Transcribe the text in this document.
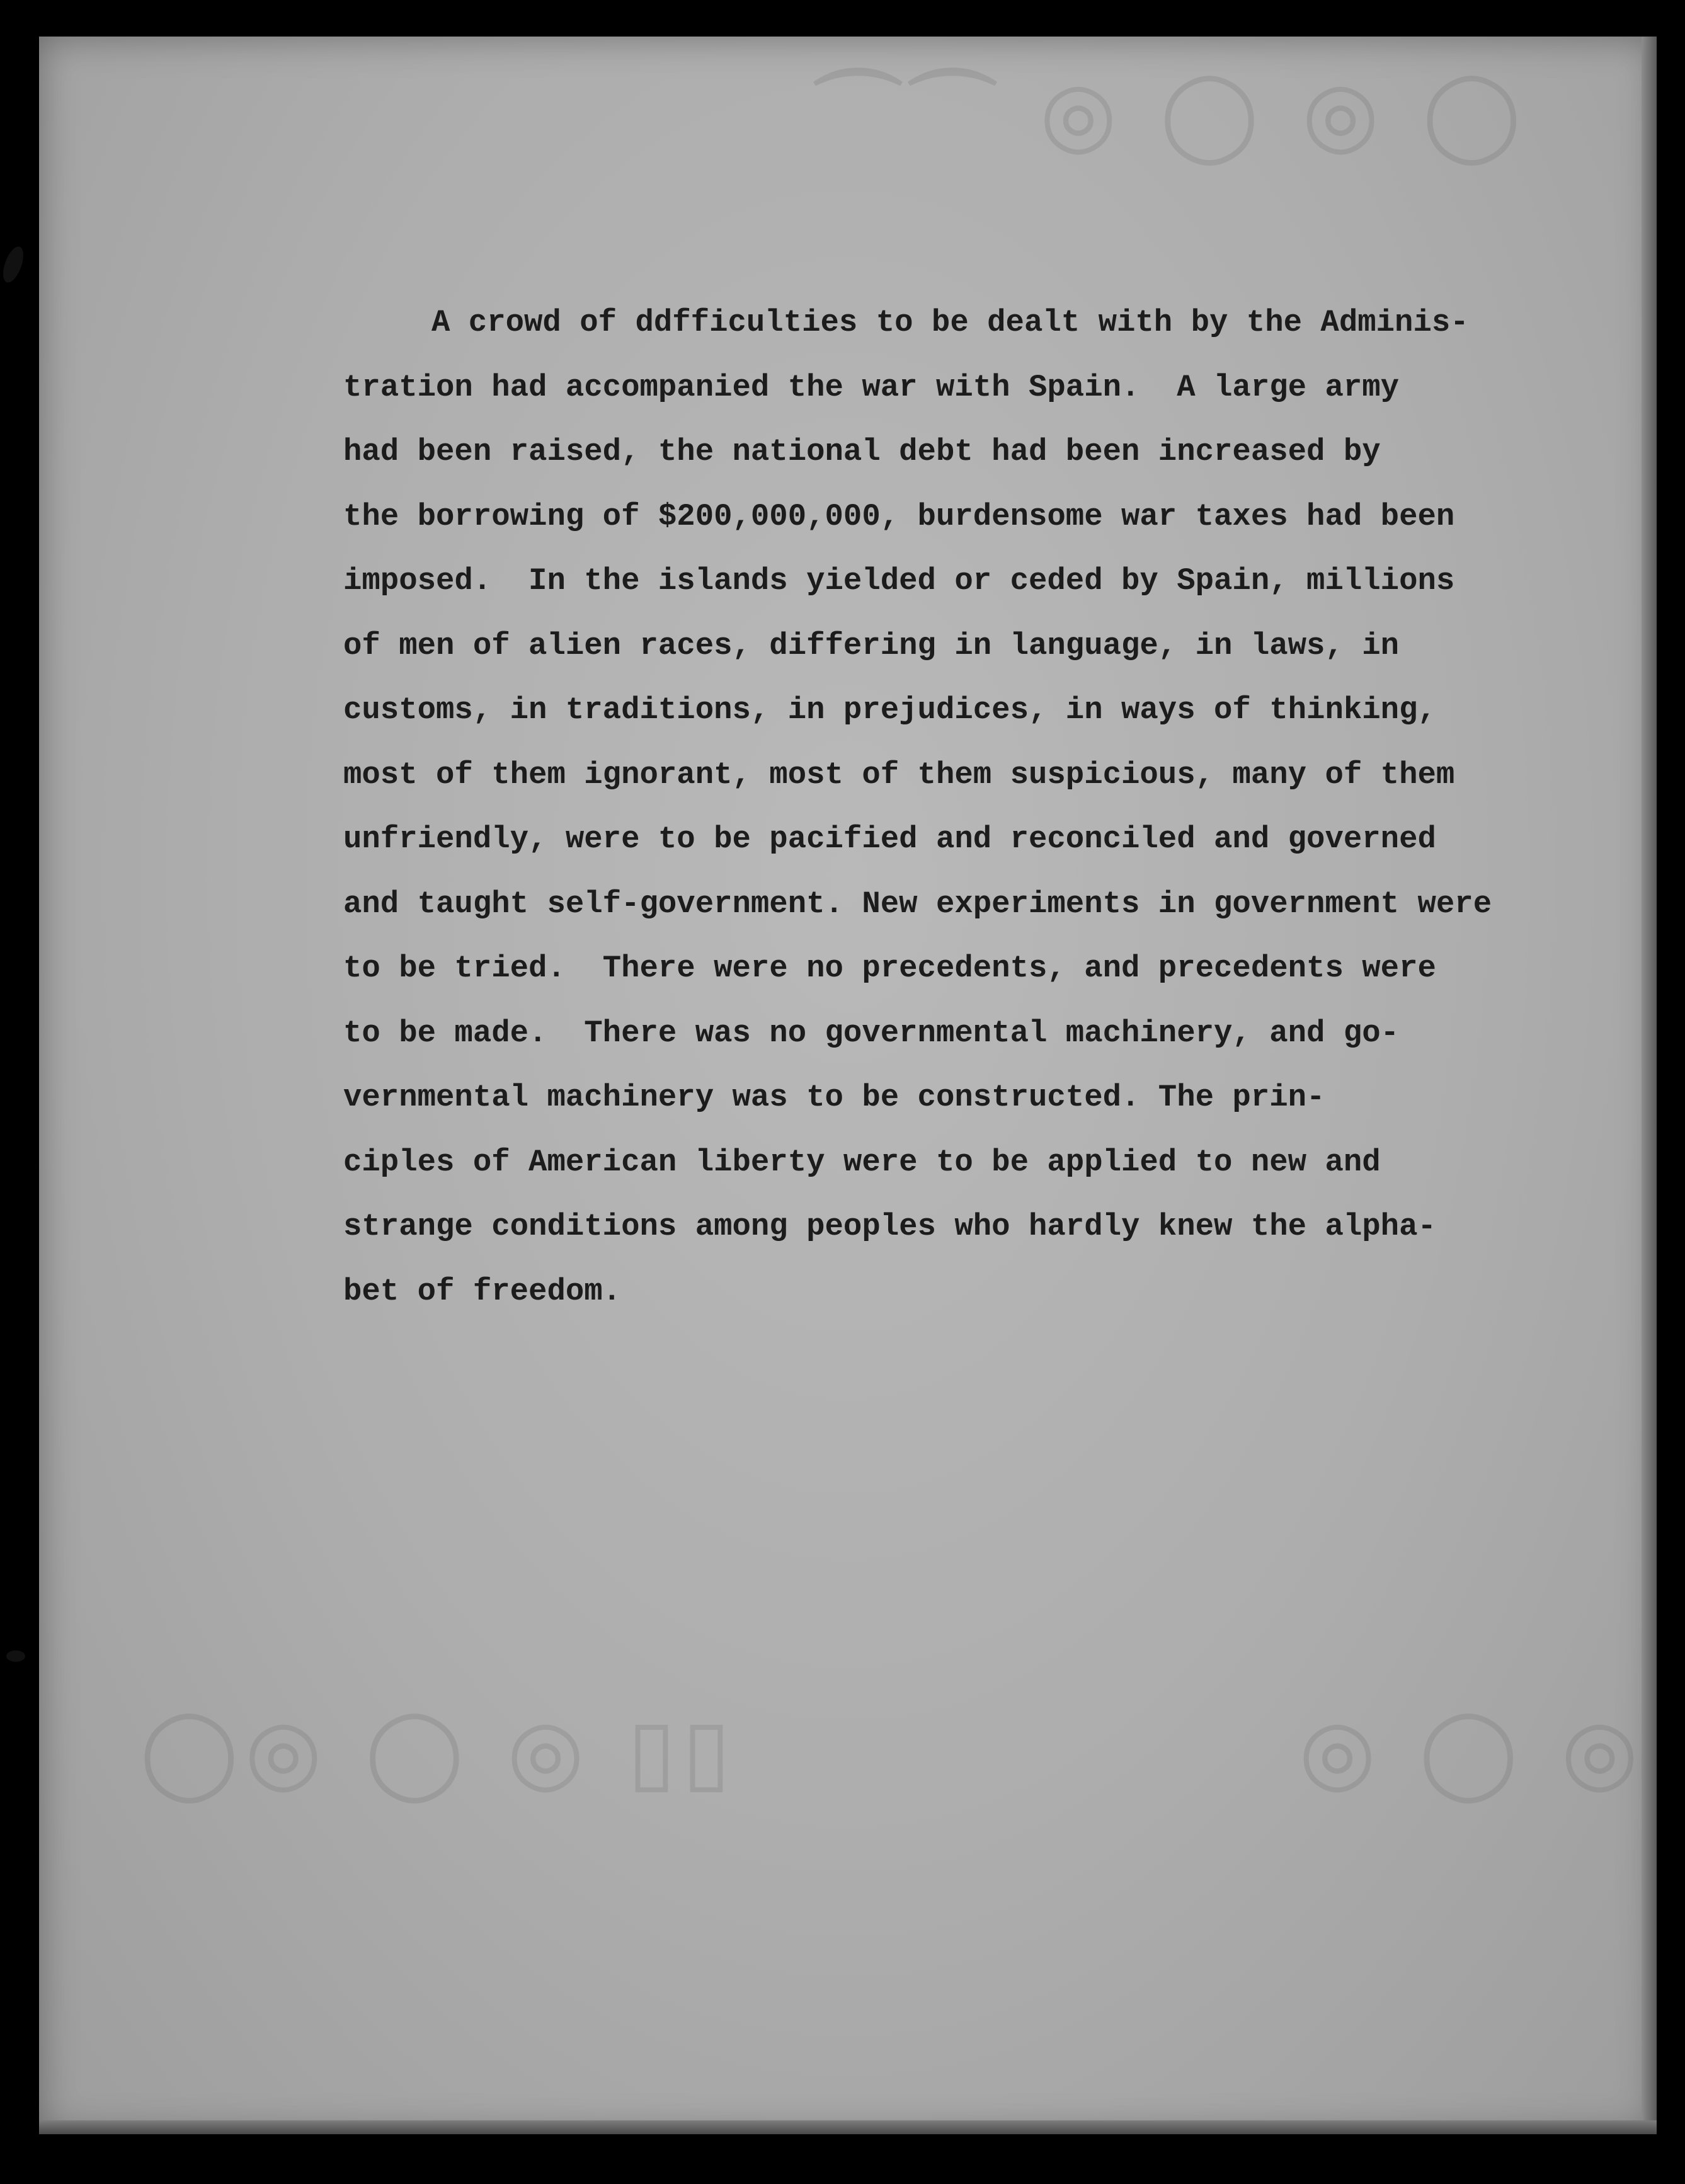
⌒⌒ ◎ ◯ ◎ ◯
◯◎ ◯ ◎ ▯▯	◎ ◯ ◎
A crowd of ddfficulties to be dealt with by the Adminis-
tration had accompanied the war with Spain.  A large army
had been raised, the national debt had been increased by
the borrowing of $200,000,000, burdensome war taxes had been
imposed.  In the islands yielded or ceded by Spain, millions
of men of alien races, differing in language, in laws, in
customs, in traditions, in prejudices, in ways of thinking,
most of them ignorant, most of them suspicious, many of them
unfriendly, were to be pacified and reconciled and governed
and taught self-government. New experiments in government were
to be tried.  There were no precedents, and precedents were
to be made.  There was no governmental machinery, and go-
vernmental machinery was to be constructed. The prin-
ciples of American liberty were to be applied to new and
strange conditions among peoples who hardly knew the alpha-
bet of freedom.
